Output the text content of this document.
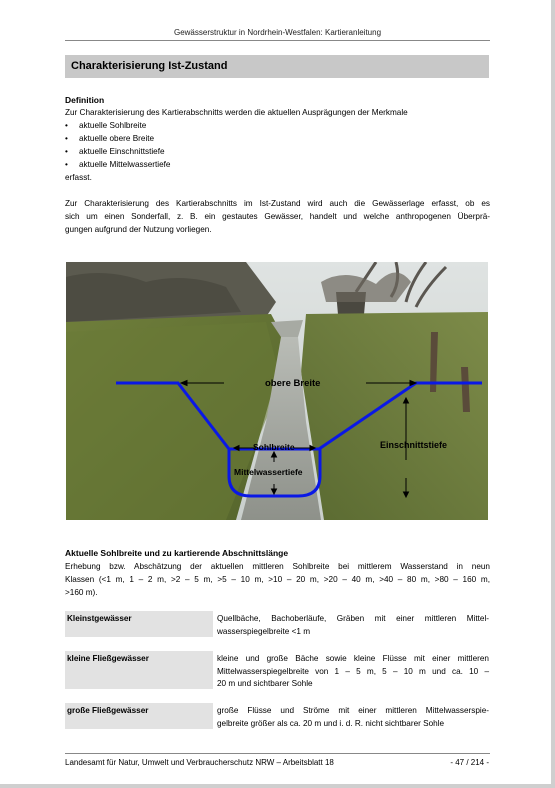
Gewässerstruktur in Nordrhein-Westfalen: Kartieranleitung
Charakterisierung Ist-Zustand
Definition
Zur Charakterisierung des Kartierabschnitts werden die aktuellen Ausprägungen der Merkmale
• aktuelle Sohlbreite
• aktuelle obere Breite
• aktuelle Einschnittstiefe
• aktuelle Mittelwassertiefe
erfasst.
Zur Charakterisierung des Kartierabschnitts im Ist-Zustand wird auch die Gewässerlage erfasst, ob es
sich um einen Sonderfall, z. B. ein gestautes Gewässer, handelt und welche anthropogenen Überprä-
gungen aufgrund der Nutzung vorliegen.
obere Breite
Sohlbreite	Einschnittstiefe
Mittelwassertiefe
Aktuelle Sohlbreite und zu kartierende Abschnittslänge
Erhebung bzw. Abschätzung der aktuellen mittleren Sohlbreite bei mittlerem Wasserstand in neun
Klassen (<1 m, 1 – 2 m, >2 – 5 m, >5 – 10 m, >10 – 20 m, >20 – 40 m, >40 – 80 m, >80 – 160 m,
>160 m).
Kleinstgewässer	Quellbäche, Bachoberläufe, Gräben mit einer mittleren Mittel-
wasserspiegelbreite <1 m
kleine Fließgewässer	kleine und große Bäche sowie kleine Flüsse mit einer mittleren
Mittelwasserspiegelbreite von 1 – 5 m, 5 – 10 m und ca. 10 –
20 m und sichtbarer Sohle
große Fließgewässer	große Flüsse und Ströme mit einer mittleren Mittelwasserspie-
gelbreite größer als ca. 20 m und i. d. R. nicht sichtbarer Sohle
Landesamt für Natur, Umwelt und Verbraucherschutz NRW – Arbeitsblatt 18	- 47 / 214 -
